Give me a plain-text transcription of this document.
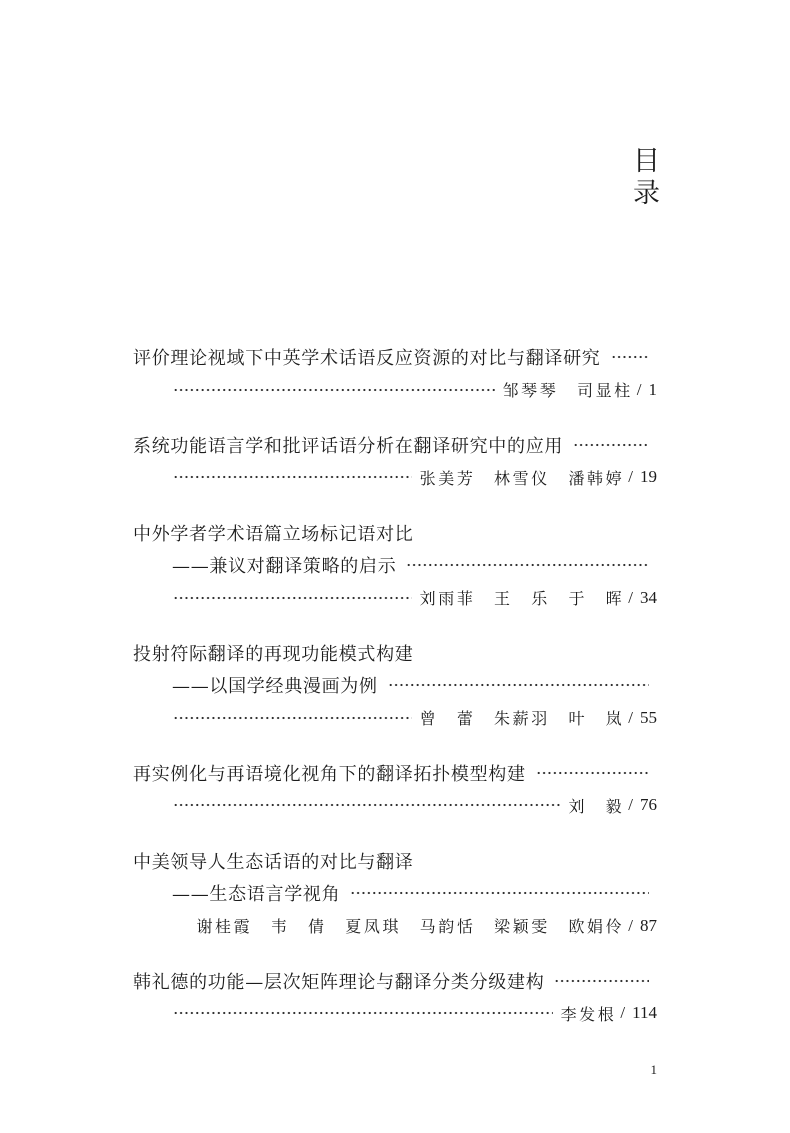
目录
评价理论视域下中英学术话语反应资源的对比与翻译研究
邹琴琴　司显柱 / 1
系统功能语言学和批评话语分析在翻译研究中的应用
张美芳　林雪仪　潘韩婷 / 19
中外学者学术语篇立场标记语对比
——兼议对翻译策略的启示
刘雨菲　王　乐　于　晖 / 34
投射符际翻译的再现功能模式构建
——以国学经典漫画为例
曾　蕾　朱薪羽　叶　岚 / 55
再实例化与再语境化视角下的翻译拓扑模型构建
刘　毅 / 76
中美领导人生态话语的对比与翻译
——生态语言学视角
谢桂霞　韦　倩　夏凤琪　马韵恬　梁颖雯　欧娟伶 / 87
韩礼德的功能—层次矩阵理论与翻译分类分级建构
李发根 / 114
1
